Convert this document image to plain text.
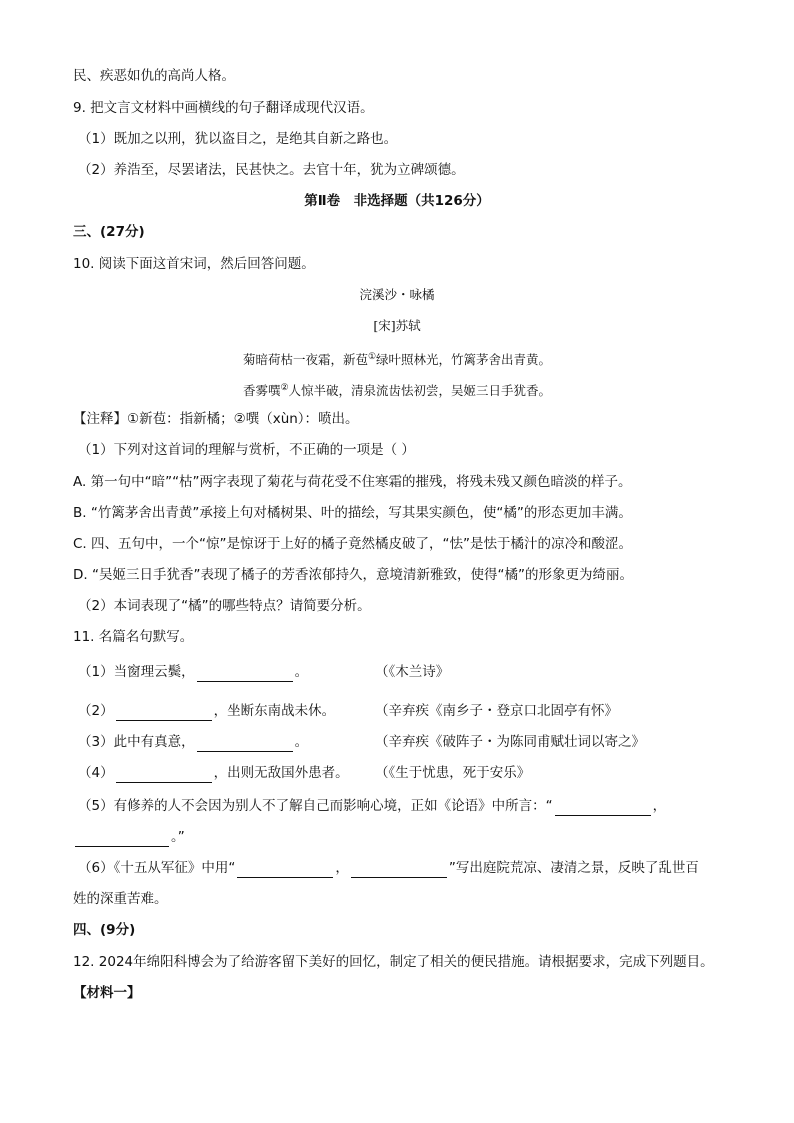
民、疾恶如仇的高尚人格。
9. 把文言文材料中画横线的句子翻译成现代汉语。
（1）既加之以刑，犹以盗目之，是绝其自新之路也。
（2）养浩至，尽罢诸法，民甚快之。去官十年，犹为立碑颂德。
第Ⅱ卷　非选择题（共126分）
三、(27分)
10. 阅读下面这首宋词，然后回答问题。
浣溪沙・咏橘
[宋]苏轼
菊暗荷枯一夜霜，新苞①绿叶照林光，竹篱茅舍出青黄。
香雾噀②人惊半破，清泉流齿怯初尝，吴姬三日手犹香。
【注释】①新苞：指新橘；②噀（xùn）：喷出。
（1）下列对这首词的理解与赏析，不正确的一项是（ ）
A. 第一句中“暗”“枯”两字表现了菊花与荷花受不住寒霜的摧残，将残未残又颜色暗淡的样子。
B. “竹篱茅舍出青黄”承接上句对橘树果、叶的描绘，写其果实颜色，使“橘”的形态更加丰满。
C. 四、五句中，一个“惊”是惊讶于上好的橘子竟然橘皮破了，“怯”是怯于橘汁的凉冷和酸涩。
D. “吴姬三日手犹香”表现了橘子的芳香浓郁持久，意境清新雅致，使得“橘”的形象更为绮丽。
（2）本词表现了“橘”的哪些特点？请简要分析。
11. 名篇名句默写。
（1）当窗理云鬓，	。	（《木兰诗》
（2）	，坐断东南战未休。	（辛弃疾《南乡子・登京口北固亭有怀》
（3）此中有真意，	。	（辛弃疾《破阵子・为陈同甫赋壮词以寄之》
（4）	，出则无敌国外患者。 （《生于忧患，死于安乐》
（5）有修养的人不会因为别人不了解自己而影响心境，正如《论语》中所言：“	，
。”
（6）《十五从军征》中用“	，	”写出庭院荒凉、凄清之景，反映了乱世百
姓的深重苦难。
四、(9分)
12. 2024年绵阳科博会为了给游客留下美好的回忆，制定了相关的便民措施。请根据要求，完成下列题目。
【材料一】
